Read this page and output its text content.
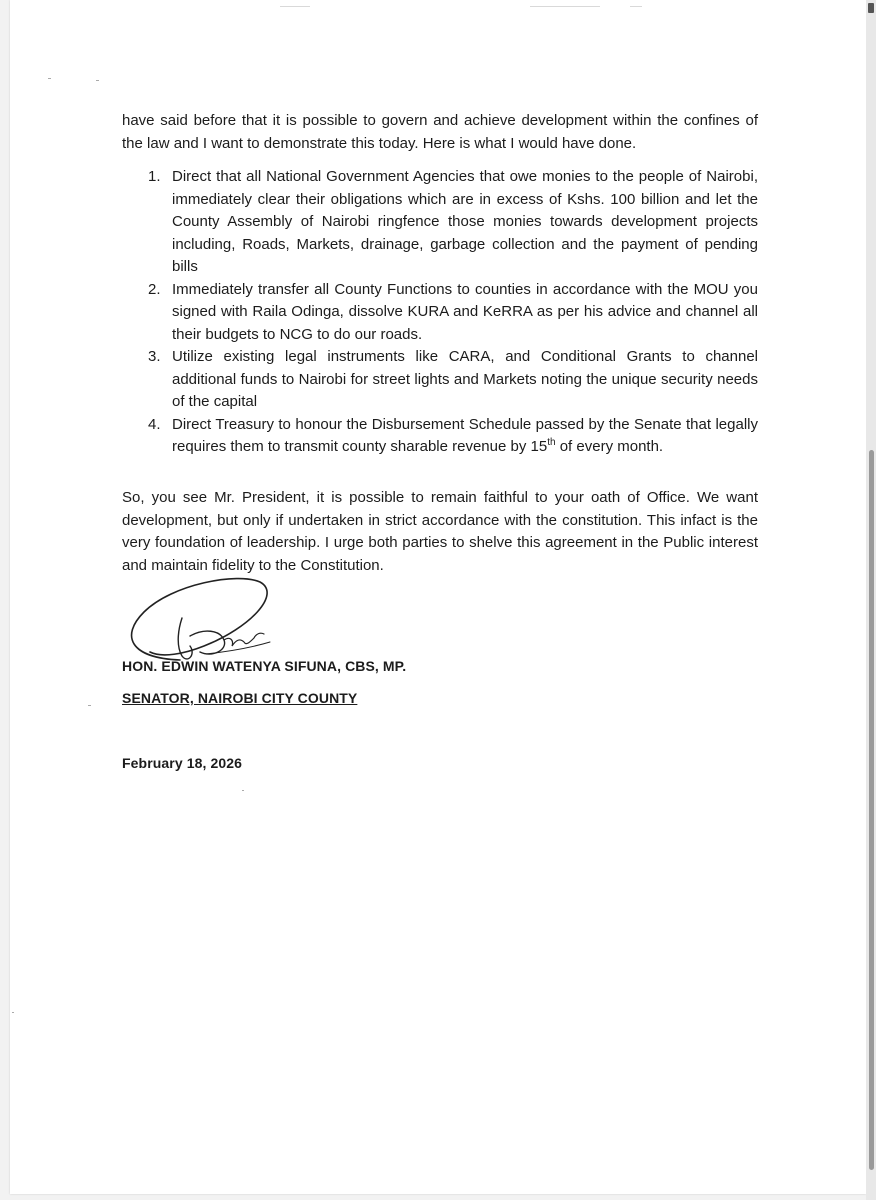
have said before that it is possible to govern and achieve development within the confines of the law and I want to demonstrate this today. Here is what I would have done.
1. Direct that all National Government Agencies that owe monies to the people of Nairobi, immediately clear their obligations which are in excess of Kshs. 100 billion and let the County Assembly of Nairobi ringfence those monies towards development projects including, Roads, Markets, drainage, garbage collection and the payment of pending bills
2. Immediately transfer all County Functions to counties in accordance with the MOU you signed with Raila Odinga, dissolve KURA and KeRRA as per his advice and channel all their budgets to NCG to do our roads.
3. Utilize existing legal instruments like CARA, and Conditional Grants to channel additional funds to Nairobi for street lights and Markets noting the unique security needs of the capital
4. Direct Treasury to honour the Disbursement Schedule passed by the Senate that legally requires them to transmit county sharable revenue by 15th of every month.
So, you see Mr. President, it is possible to remain faithful to your oath of Office. We want development, but only if undertaken in strict accordance with the constitution. This infact is the very foundation of leadership. I urge both parties to shelve this agreement in the Public interest and maintain fidelity to the Constitution.
HON. EDWIN WATENYA SIFUNA, CBS, MP.
SENATOR, NAIROBI CITY COUNTY
February 18, 2026
